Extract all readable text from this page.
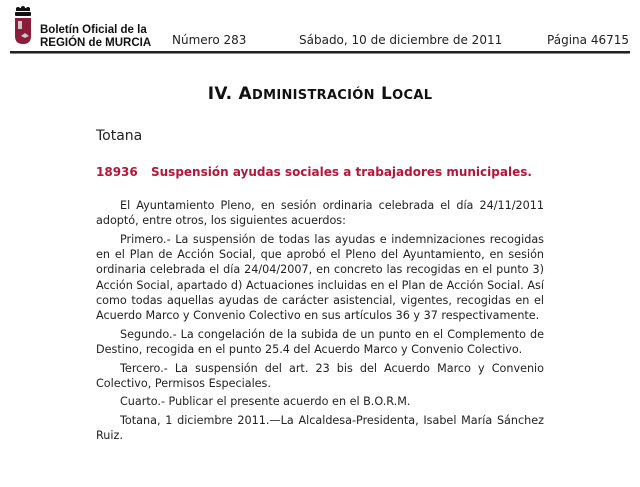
Boletín Oficial de la
REGIÓN de MURCIA Número 283	Sábado, 10 de diciembre de 2011	Página 46715
IV. ADMINISTRACIÓN LOCAL
Totana
18936 Suspensión ayudas sociales a trabajadores municipales.

El Ayuntamiento Pleno, en sesión ordinaria celebrada el día 24/11/2011 adoptó, entre otros, los siguientes acuerdos:

Primero.- La suspensión de todas las ayudas e indemnizaciones recogidas en el Plan de Acción Social, que aprobó el Pleno del Ayuntamiento, en sesión ordinaria celebrada el día 24/04/2007, en concreto las recogidas en el punto 3) Acción Social, apartado d) Actuaciones incluidas en el Plan de Acción Social. Así como todas aquellas ayudas de carácter asistencial, vigentes, recogidas en el Acuerdo Marco y Convenio Colectivo en sus artículos 36 y 37 respectivamente.

Segundo.- La congelación de la subida de un punto en el Complemento de Destino, recogida en el punto 25.4 del Acuerdo Marco y Convenio Colectivo.

Tercero.- La suspensión del art. 23 bis del Acuerdo Marco y Convenio Colectivo, Permisos Especiales.

Cuarto.- Publicar el presente acuerdo en el B.O.R.M.

Totana, 1 diciembre 2011.—La Alcaldesa-Presidenta, Isabel María Sánchez Ruiz.
